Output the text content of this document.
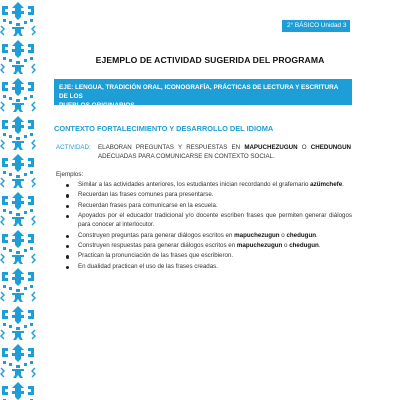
2° BÁSICO Unidad 3
EJEMPLO DE ACTIVIDAD SUGERIDA DEL PROGRAMA
EJE: LENGUA, TRADICIÓN ORAL, ICONOGRAFÍA, PRÁCTICAS DE LECTURA Y ESCRITURA DE LOS
PUEBLOS ORIGINARIOS
CONTEXTO FORTALECIMIENTO Y DESARROLLO DEL IDIOMA
ACTIVIDAD: ELABORAN PREGUNTAS Y RESPUESTAS EN MAPUCHEZUGUN O CHEDUNGUN ADECUADAS PARA COMUNICARSE EN CONTEXTO SOCIAL.
Ejemplos:
Similar a las actividades anteriores, los estudiantes inician recordando el grafemario azümchefe.
Recuerdan las frases comunes para presentarse.
Recuerdan frases para comunicarse en la escuela.
Apoyados por el educador tradicional y/o docente escriben frases que permiten generar diálogos para conocer al interlocutor.
Construyen preguntas para generar diálogos escritos en mapuchezugun o chedugun.
Construyen respuestas para generar diálogos escritos en mapuchezugun o chedugun.
Practican la pronunciación de las frases que escribieron.
En dualidad practican el uso de las frases creadas.
